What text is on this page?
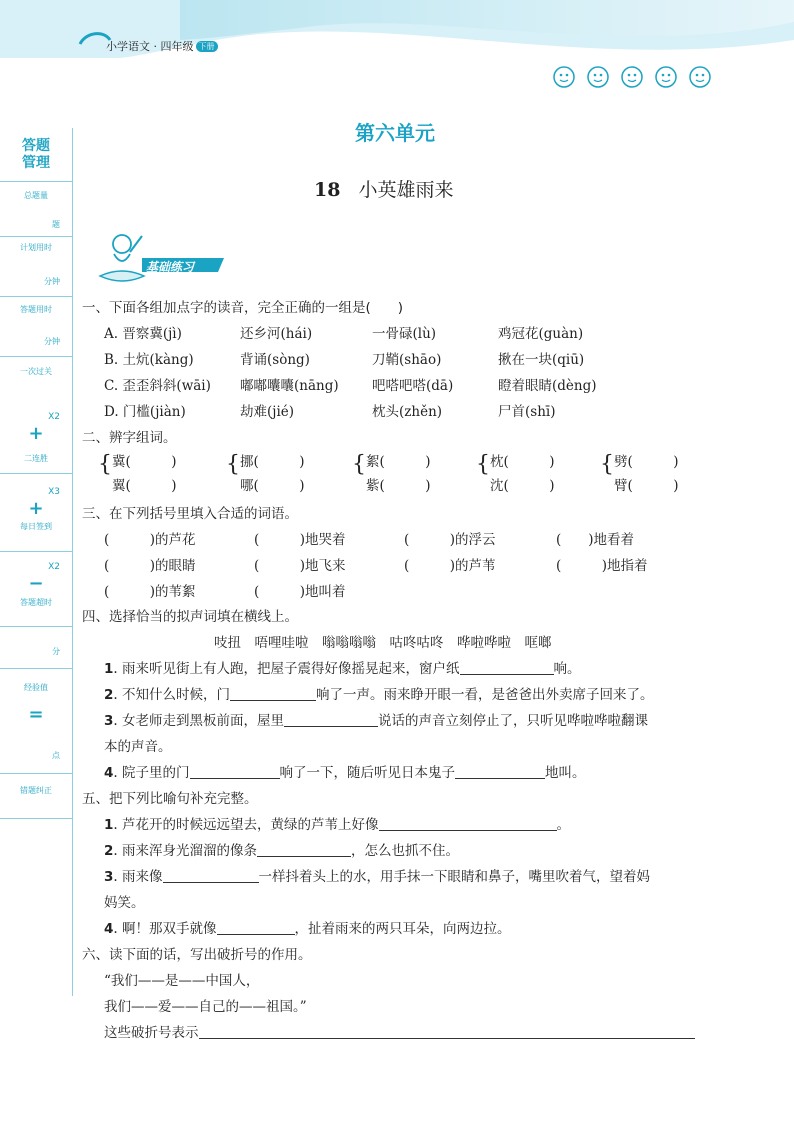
小学语文 · 四年级 下册
答题管理
总题量
题
计划用时
分钟
答题用时
分钟
一次过关
X2
+
二连胜
X3
+
每日签到
X2
−
答题超时
分
经验值
=
点
错题纠正
第六单元
18 小英雄雨来
基础练习
一、下面各组加点字的读音，完全正确的一组是(　　)
A. 晋察冀(jì)	还乡河(hái)	一骨碌(lù)	鸡冠花(guàn)
B. 土炕(kàng)	背诵(sòng)	刀鞘(shāo)	揪在一块(qiū)
C. 歪歪斜斜(wāi) 嘟嘟囔囔(nāng) 吧嗒吧嗒(dā)	瞪着眼睛(dèng)
D. 门槛(jiàn)	劫难(jié)	枕头(zhěn)	尸首(shī)
二、辨字组词。
{ 冀(　　　)
翼(　　　)
{ 挪(　　　)
哪(　　　)
{ 絮(　　　)
紫(　　　)
{ 枕(　　　)
沈(　　　)
{ 劈(　　　)
臂(　　　)
三、在下列括号里填入合适的词语。
(　　　)的芦花	(　　　)地哭着	(　　　)的浮云	(　　)地看着
(　　　)的眼睛	(　　　)地飞来	(　　　)的芦苇	(　　　)地指着
(　　　)的苇絮	(　　　)地叫着
四、选择恰当的拟声词填在横线上。
吱扭　唔哩哇啦　嗡嗡嗡嗡　咕咚咕咚　哗啦哗啦　哐啷
1. 雨来听见街上有人跑，把屋子震得好像摇晃起来，窗户纸	响。
2. 不知什么时候，门	响了一声。雨来睁开眼一看，是爸爸出外卖席子回来了。
3. 女老师走到黑板前面，屋里	说话的声音立刻停止了，只听见哗啦哗啦翻课
本的声音。
4. 院子里的门	响了一下，随后听见日本鬼子	地叫。
五、把下列比喻句补充完整。
1. 芦花开的时候远远望去，黄绿的芦苇上好像	。
2. 雨来浑身光溜溜的像条	，怎么也抓不住。
3. 雨来像	一样抖着头上的水，用手抹一下眼睛和鼻子，嘴里吹着气，望着妈
妈笑。
4. 啊！那双手就像	，扯着雨来的两只耳朵，向两边拉。
六、读下面的话，写出破折号的作用。
“我们——是——中国人，
我们——爱——自己的——祖国。”
这些破折号表示
